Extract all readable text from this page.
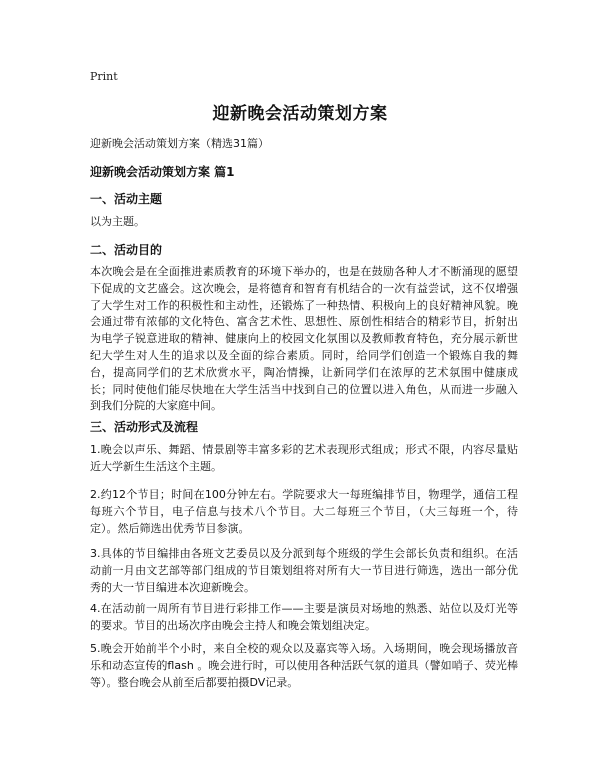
Print
迎新晚会活动策划方案
迎新晚会活动策划方案（精选31篇）
迎新晚会活动策划方案 篇1
一、活动主题

以为主题。

二、活动目的

本次晚会是在全面推进素质教育的环境下举办的，也是在鼓励各种人才不断涌现的愿望下促成的文艺盛会。这次晚会，是将德育和智育有机结合的一次有益尝试，这不仅增强了大学生对工作的积极性和主动性，还锻炼了一种热情、积极向上的良好精神风貌。晚会通过带有浓郁的文化特色、富含艺术性、思想性、原创性相结合的精彩节目，折射出为电学子锐意进取的精神、健康向上的校园文化氛围以及教师教育特色，充分展示新世纪大学生对人生的追求以及全面的综合素质。同时，给同学们创造一个锻炼自我的舞台，提高同学们的艺术欣赏水平，陶冶情操，让新同学们在浓厚的艺术氛围中健康成长；同时使他们能尽快地在大学生活当中找到自己的位置以进入角色，从而进一步融入到我们分院的大家庭中间。

三、活动形式及流程

1.晚会以声乐、舞蹈、情景剧等丰富多彩的艺术表现形式组成；形式不限，内容尽量贴近大学新生生活这个主题。

2.约12个节目；时间在100分钟左右。学院要求大一每班编排节目，物理学，通信工程每班六个节目，电子信息与技术八个节目。大二每班三个节目，（大三每班一个，待定）。然后筛选出优秀节目参演。

3.具体的节目编排由各班文艺委员以及分派到每个班级的学生会部长负责和组织。在活动前一月由文艺部等部门组成的节目策划组将对所有大一节目进行筛选，选出一部分优秀的大一节目编进本次迎新晚会。

4.在活动前一周所有节目进行彩排工作——主要是演员对场地的熟悉、站位以及灯光等的要求。节目的出场次序由晚会主持人和晚会策划组决定。

5.晚会开始前半个小时，来自全校的观众以及嘉宾等入场。入场期间，晚会现场播放音乐和动态宣传的flash 。晚会进行时，可以使用各种活跃气氛的道具（譬如哨子、荧光棒等）。整台晚会从前至后都要拍摄DV记录。
